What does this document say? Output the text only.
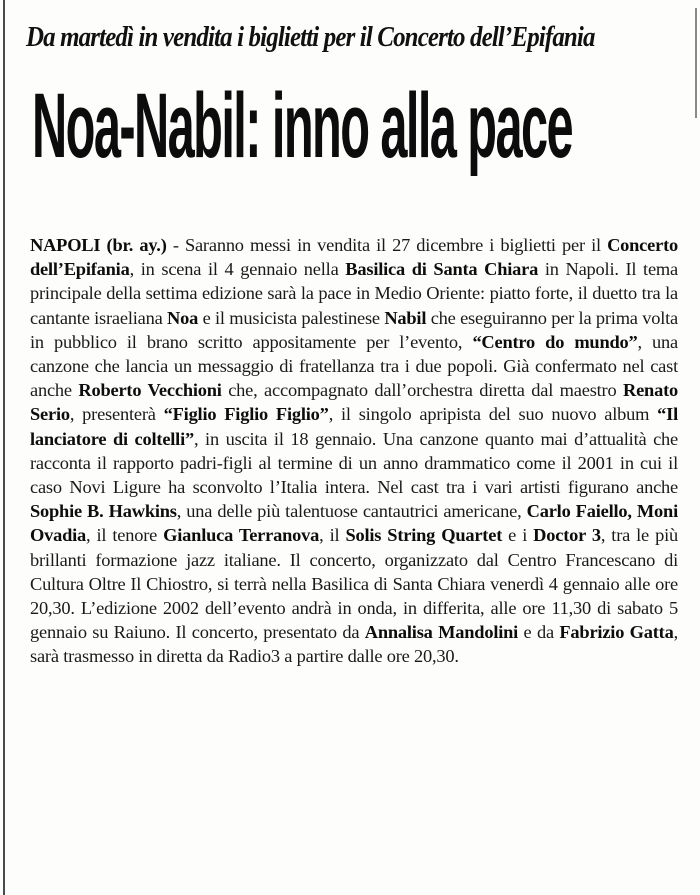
Da martedì in vendita i biglietti per il Concerto dell’Epifania
Noa-Nabil: inno alla pace
NAPOLI (br. ay.) - Saranno messi in vendita il 27 dicembre i biglietti per il Concerto dell’Epifania, in scena il 4 gennaio nella Basilica di Santa Chiara in Napoli. Il tema principale della settima edizione sarà la pace in Medio Oriente: piatto forte, il duetto tra la cantante israeliana Noa e il musicista palestinese Nabil che eseguiranno per la prima volta in pubblico il brano scritto appositamente per l’evento, “Centro do mundo”, una canzone che lancia un messaggio di fratellanza tra i due popoli. Già confermato nel cast anche Roberto Vecchioni che, accompagnato dall’orchestra diretta dal maestro Renato Serio, presenterà “Figlio Figlio Figlio”, il singolo apripista del suo nuovo album “Il lanciatore di coltelli”, in uscita il 18 gennaio. Una canzone quanto mai d’attualità che racconta il rapporto padri-figli al termine di un anno drammatico come il 2001 in cui il caso Novi Ligure ha sconvolto l’Italia intera. Nel cast tra i vari artisti figurano anche Sophie B. Hawkins, una delle più talentuose cantautrici americane, Carlo Faiello, Moni Ovadia, il tenore Gianluca Terranova, il Solis String Quartet e i Doctor 3, tra le più brillanti formazione jazz italiane. Il concerto, organizzato dal Centro Francescano di Cultura Oltre Il Chiostro, si terrà nella Basilica di Santa Chiara venerdì 4 gennaio alle ore 20,30. L’edizione 2002 dell’evento andrà in onda, in differita, alle ore 11,30 di sabato 5 gennaio su Raiuno. Il concerto, presentato da Annalisa Mandolini e da Fabrizio Gatta, sarà trasmesso in diretta da Radio3 a partire dalle ore 20,30.
